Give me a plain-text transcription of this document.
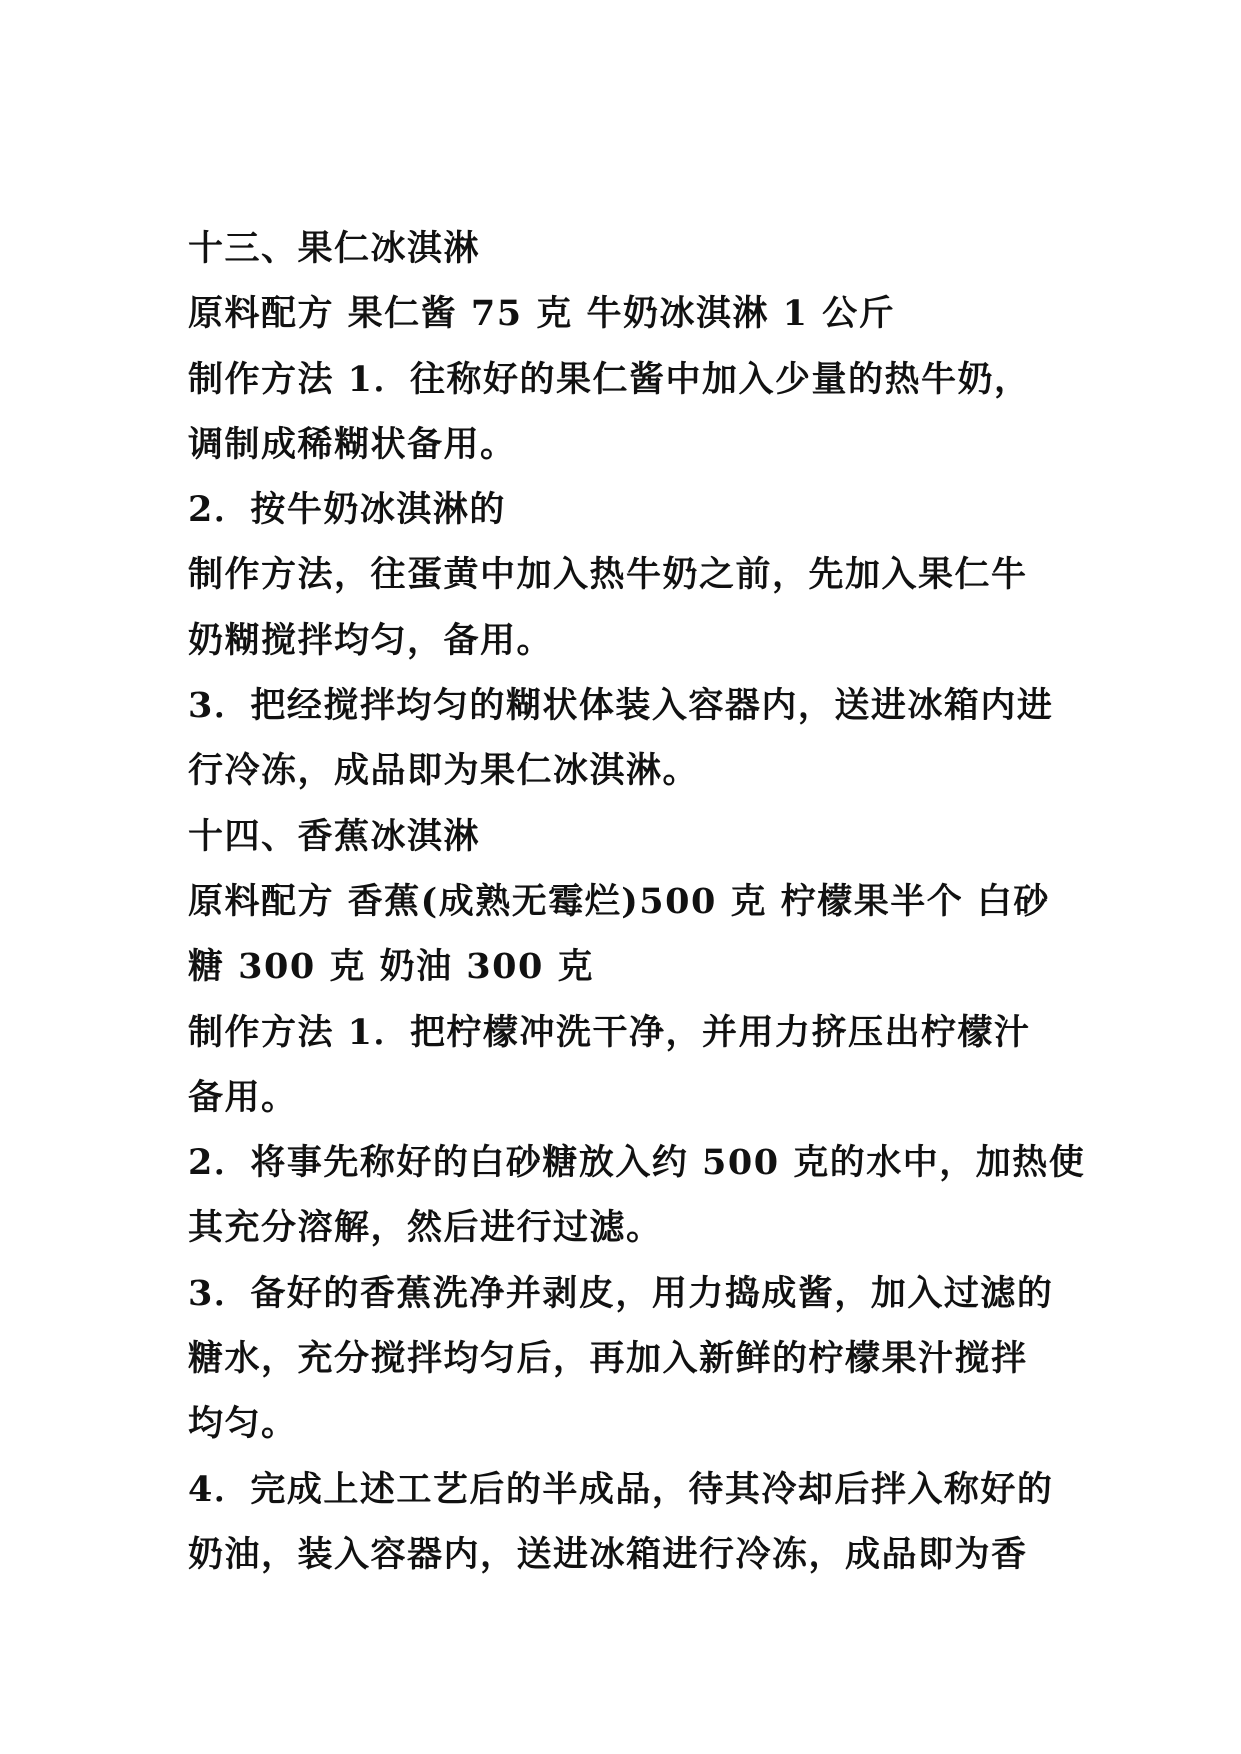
十三、果仁冰淇淋
原料配方 果仁酱 75 克 牛奶冰淇淋 1 公斤
制作方法 1．往称好的果仁酱中加入少量的热牛奶，
调制成稀糊状备用。
2．按牛奶冰淇淋的
制作方法，往蛋黄中加入热牛奶之前，先加入果仁牛
奶糊搅拌均匀，备用。
3．把经搅拌均匀的糊状体装入容器内，送进冰箱内进
行冷冻，成品即为果仁冰淇淋。
十四、香蕉冰淇淋
原料配方 香蕉(成熟无霉烂)500 克 柠檬果半个 白砂
糖 300 克 奶油 300 克
制作方法 1．把柠檬冲洗干净，并用力挤压出柠檬汁
备用。
2．将事先称好的白砂糖放入约 500 克的水中，加热使
其充分溶解，然后进行过滤。
3．备好的香蕉洗净并剥皮，用力捣成酱，加入过滤的
糖水，充分搅拌均匀后，再加入新鲜的柠檬果汁搅拌
均匀。
4．完成上述工艺后的半成品，待其冷却后拌入称好的
奶油，装入容器内，送进冰箱进行冷冻，成品即为香
